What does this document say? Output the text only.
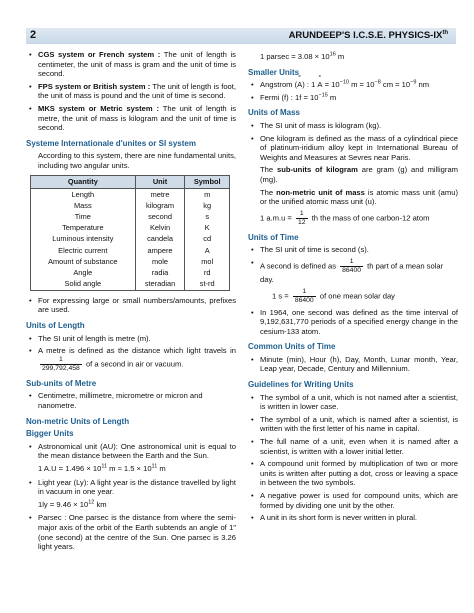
2	ARUNDEEP'S I.C.S.E. PHYSICS-IXth
• CGS system or French system : The unit of length is centimeter, the unit of mass is gram and the unit of time is second.
• FPS system or British system : The unit of length is foot, the unit of mass is pound and the unit of time is second.
• MKS system or Metric system : The unit of length is metre, the unit of mass is kilogram and the unit of time is second.
Systeme Internationale d'unites or SI system
According to this system, there are nine fundamental units, including two angular units.
Quantity	Unit	Symbol
Length	metre	m
Mass	kilogram	kg
Time	second	s
Temperature	Kelvin	K
Luminous intensity	candela	cd
Electric current	ampere	A
Amount of substance	mole	mol
Angle	radia	rd
Solid angle	steradian	st-rd
• For expressing large or small numbers/amounts, prefixes are used.
Units of Length
• The SI unit of length is metre (m).
• A metre is defined as the distance which light travels in
$\frac{1}{299,792,458}$ of a second in air or vacuum.
Sub-units of Metre
• Centimetre, millimetre, micrometre or micron and nanometre.
Non-metric Units of Length
Bigger Units
• Astronomical unit (AU): One astronomical unit is equal to the mean distance between the Earth and the Sun.
1 $A.U = 1.496 \times 10^{11}$ $m \approx 1.5 \times 10^{11}$ m
• Light year (Ly): A light year is the distance travelled by light in vacuum in one year.
$1ly = 9.46 \times 10^{12}$ km
• Parsec : One parsec is the distance from where the semi-major axis of the orbit of the Earth subtends an angle of 1″ (one second) at the centre of the Sun. One parsec is 3.26 light years.
1 $parsec = 3.08 \times 10^{16}$ m
Smaller Units
• Angstrom (° A) : 1 ° $A = 10^{-10}$ $m = 10^{-8}$ cm = $10^{-9}$ nm
• Fermi (f) : $1f = 10^{-15}$ m
Units of Mass
• The SI unit of mass is kilogram (kg).
• One kilogram is defined as the mass of a cylindrical piece of platinum-iridium alloy kept in International Bureau of Weights and Measures at Sevres near Paris.
The sub-units of kilogram are gram (g) and milligram (mg).
The non-metric unit of mass is atomic mass unit (amu) or the unified atomic mass unit (u).
1 $a.m.u = \frac{1}{12}$ th the mass of one carbon-12 atom
Units of Time
• The SI unit of time is second (s).
• A second is defined as $\frac{1}{86400}$ th part of a mean solar day.
1 $s = \frac{1}{86400}$ of one mean solar day
• In 1964, one second was defined as the time interval of 9,192,631,770 periods of a specified energy change in the cesium-133 atom.
Common Units of Time
• Minute (min), Hour (h), Day, Month, Lunar month, Year, Leap year, Decade, Century and Millennium.
Guidelines for Writing Units
• The symbol of a unit, which is not named after a scientist, is written in lower case.
• The symbol of a unit, which is named after a scientist, is written with the first letter of his name in capital.
• The full name of a unit, even when it is named after a scientist, is written with a lower initial letter.
• A compound unit formed by multiplication of two or more units is written after putting a dot, cross or leaving a space in between the two symbols.
• A negative power is used for compound units, which are formed by dividing one unit by the other.
• A unit in its short form is never written in plural.
